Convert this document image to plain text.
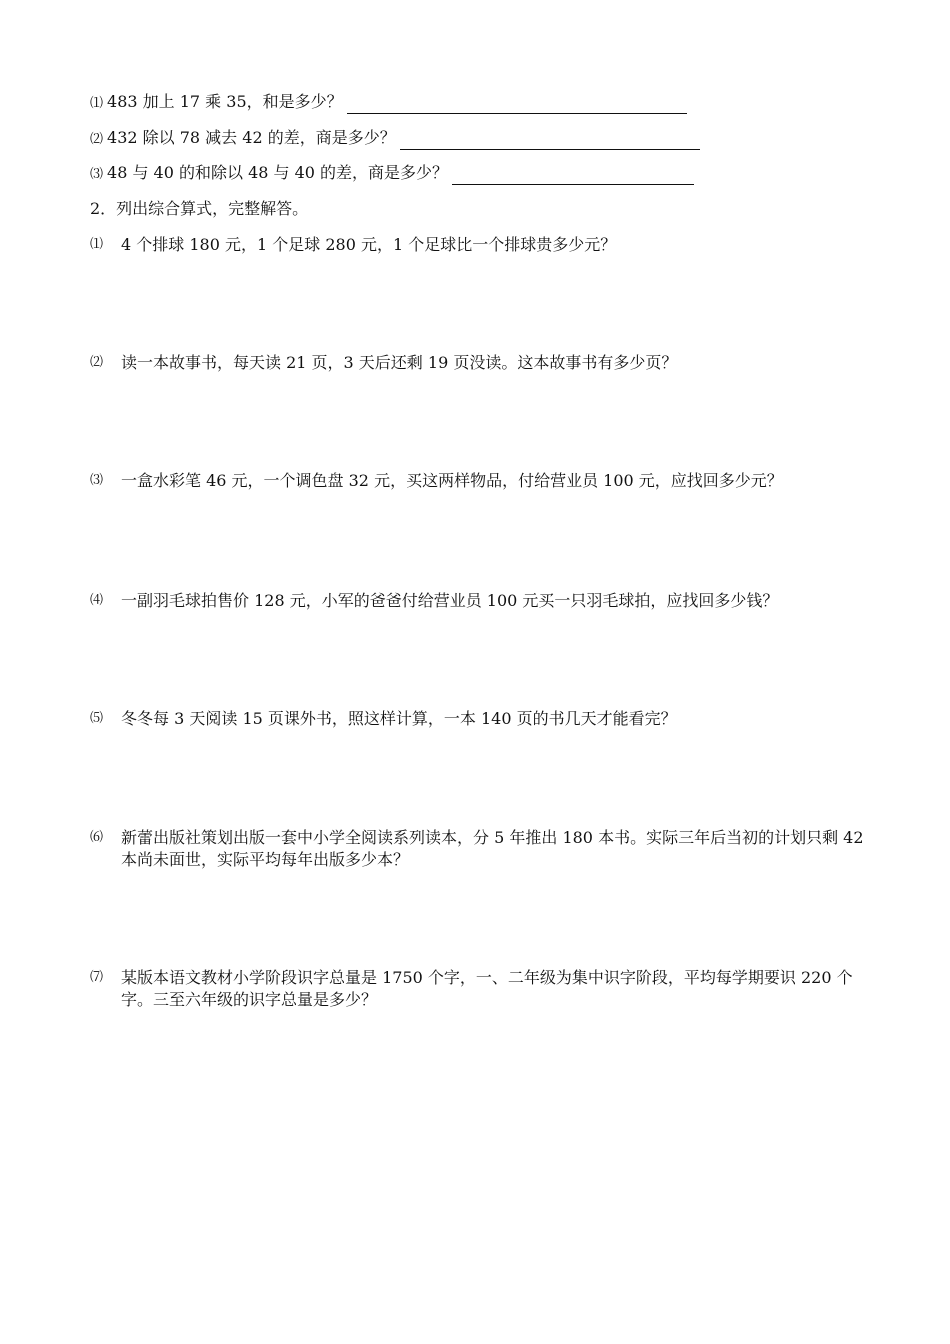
⑴ 483 加上 17 乘 35，和是多少？
⑵ 432 除以 78 减去 42 的差，商是多少？
⑶ 48 与 40 的和除以 48 与 40 的差，商是多少？
2．列出综合算式，完整解答。
⑴ 4 个排球 180 元，1 个足球 280 元，1 个足球比一个排球贵多少元？
⑵ 读一本故事书，每天读 21 页，3 天后还剩 19 页没读。这本故事书有多少页？
⑶ 一盒水彩笔 46 元，一个调色盘 32 元，买这两样物品，付给营业员 100 元，应找回多少元？
⑷ 一副羽毛球拍售价 128 元，小军的爸爸付给营业员 100 元买一只羽毛球拍，应找回多少钱？
⑸ 冬冬每 3 天阅读 15 页课外书，照这样计算，一本 140 页的书几天才能看完？
⑹ 新蕾出版社策划出版一套中小学全阅读系列读本，分 5 年推出 180 本书。实际三年后当初的计划只剩 42 本尚未面世，实际平均每年出版多少本？
⑺ 某版本语文教材小学阶段识字总量是 1750 个字，一、二年级为集中识字阶段，平均每学期要识 220 个字。三至六年级的识字总量是多少？
